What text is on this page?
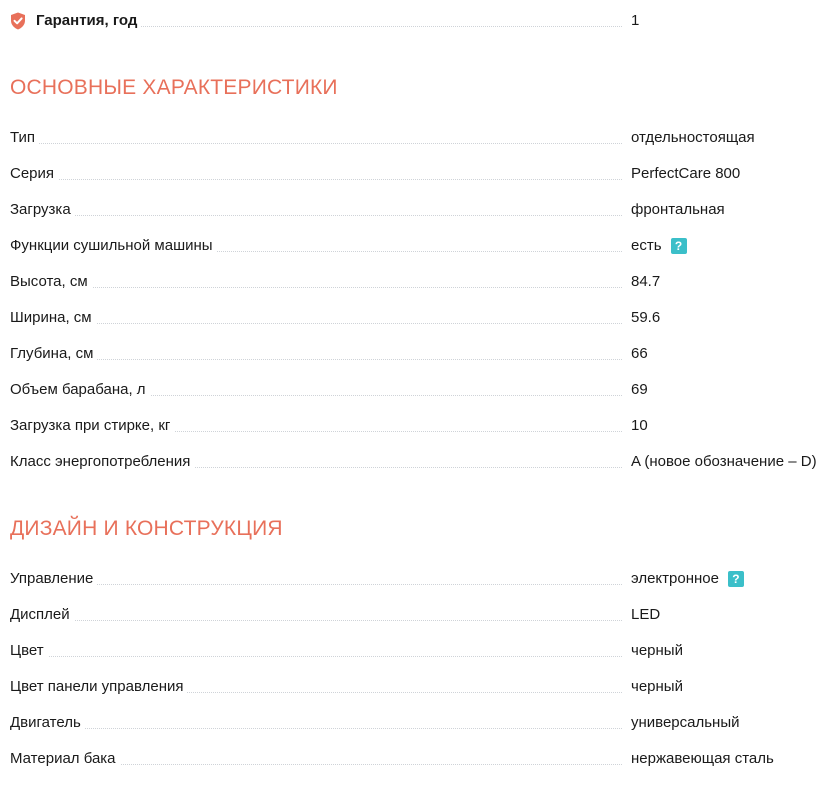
Гарантия, год	1
ОСНОВНЫЕ ХАРАКТЕРИСТИКИ
Тип	отдельностоящая
Серия	PerfectCare 800
Загрузка	фронтальная
Функции сушильной машины	есть	?
Высота, см	84.7
Ширина, см	59.6
Глубина, см	66
Объем барабана, л	69
Загрузка при стирке, кг	10
Класс энергопотребления	A (новое обозначение – D)
ДИЗАЙН И КОНСТРУКЦИЯ
Управление	электронное	?
Дисплей	LED
Цвет	черный
Цвет панели управления	черный
Двигатель	универсальный
Материал бака	нержавеющая сталь
